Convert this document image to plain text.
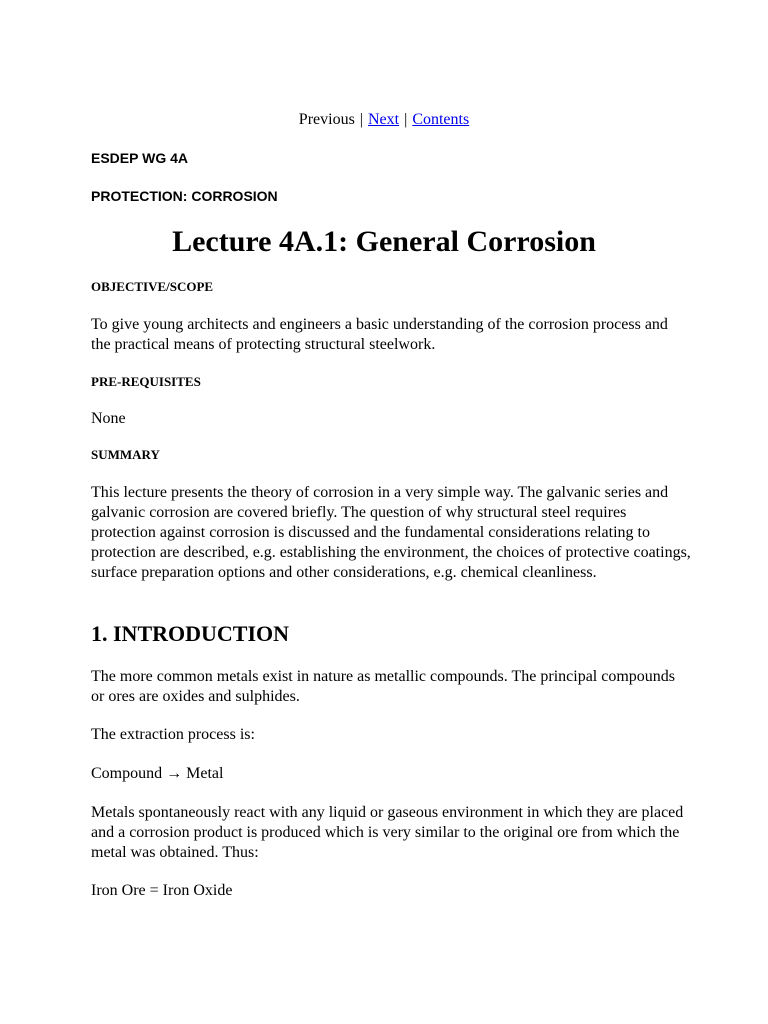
Previous | Next | Contents
ESDEP WG 4A
PROTECTION: CORROSION
Lecture 4A.1: General Corrosion

OBJECTIVE/SCOPE

To give young architects and engineers a basic understanding of the corrosion process and the practical means of protecting structural steelwork.

PRE-REQUISITES

None

SUMMARY

This lecture presents the theory of corrosion in a very simple way. The galvanic series and galvanic corrosion are covered briefly. The question of why structural steel requires protection against corrosion is discussed and the fundamental considerations relating to protection are described, e.g. establishing the environment, the choices of protective coatings, surface preparation options and other considerations, e.g. chemical cleanliness.

1. INTRODUCTION

The more common metals exist in nature as metallic compounds. The principal compounds or ores are oxides and sulphides.

The extraction process is:

Compound → Metal

Metals spontaneously react with any liquid or gaseous environment in which they are placed and a corrosion product is produced which is very similar to the original ore from which the metal was obtained. Thus:

Iron Ore = Iron Oxide
